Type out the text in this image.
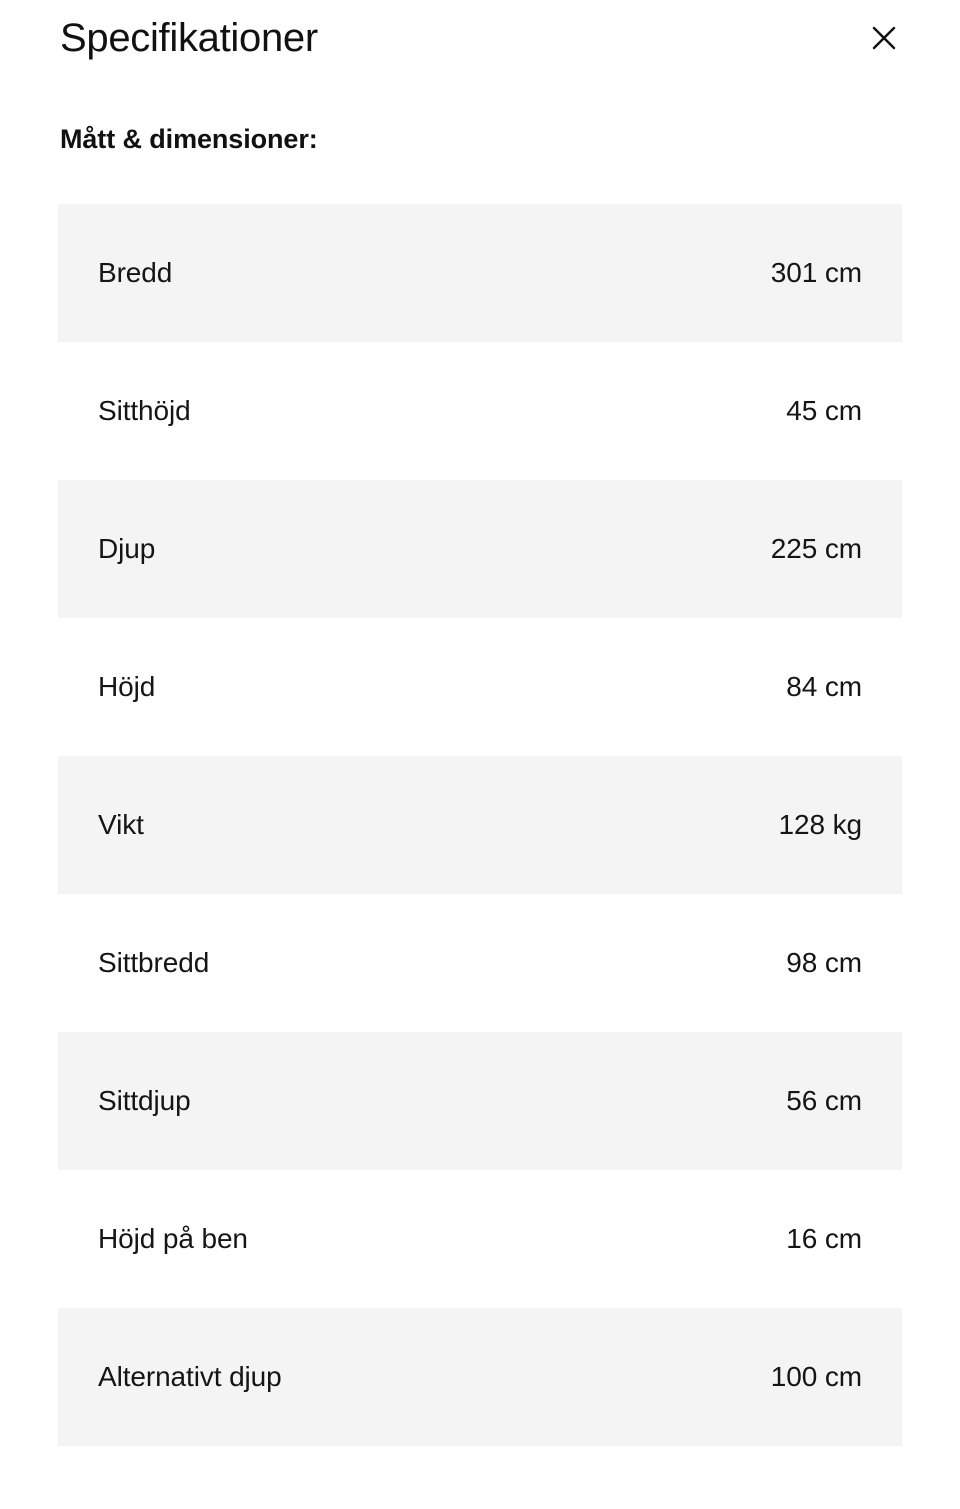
Specifikationer
Mått & dimensioner:
Bredd	301 cm
Sitthöjd	45 cm
Djup	225 cm
Höjd	84 cm
Vikt	128 kg
Sittbredd	98 cm
Sittdjup	56 cm
Höjd på ben	16 cm
Alternativt djup	100 cm
